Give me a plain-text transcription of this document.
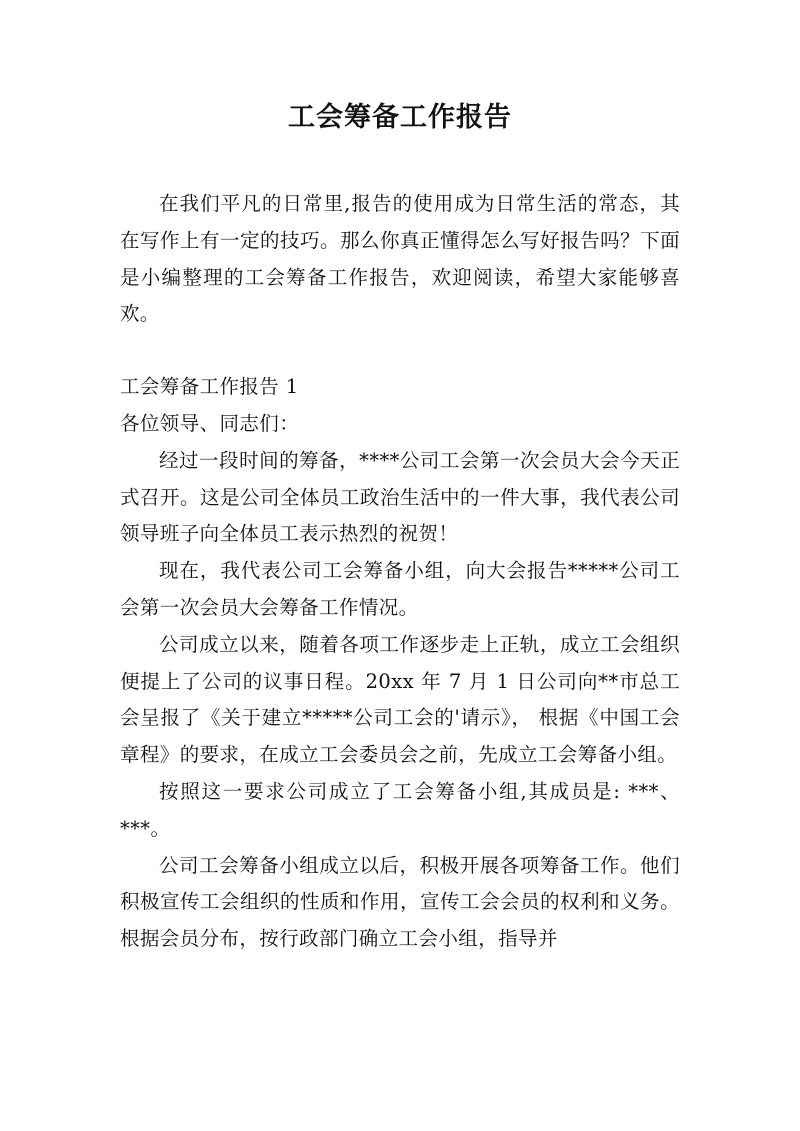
工会筹备工作报告

在我们平凡的日常里,报告的使用成为日常生活的常态，其在写作上有一定的技巧。那么你真正懂得怎么写好报告吗？下面是小编整理的工会筹备工作报告，欢迎阅读，希望大家能够喜欢。

工会筹备工作报告 1

各位领导、同志们：

经过一段时间的筹备，****公司工会第一次会员大会今天正式召开。这是公司全体员工政治生活中的一件大事，我代表公司领导班子向全体员工表示热烈的祝贺！

现在，我代表公司工会筹备小组，向大会报告*****公司工会第一次会员大会筹备工作情况。

公司成立以来，随着各项工作逐步走上正轨，成立工会组织便提上了公司的议事日程。20xx 年 7 月 1 日公司向**市总工会呈报了《关于建立*****公司工会的'请示》， 根据《中国工会章程》的要求，在成立工会委员会之前，先成立工会筹备小组。

按照这一要求公司成立了工会筹备小组,其成员是: ***、***。

公司工会筹备小组成立以后，积极开展各项筹备工作。他们积极宣传工会组织的性质和作用，宣传工会会员的权利和义务。根据会员分布，按行政部门确立工会小组，指导并
